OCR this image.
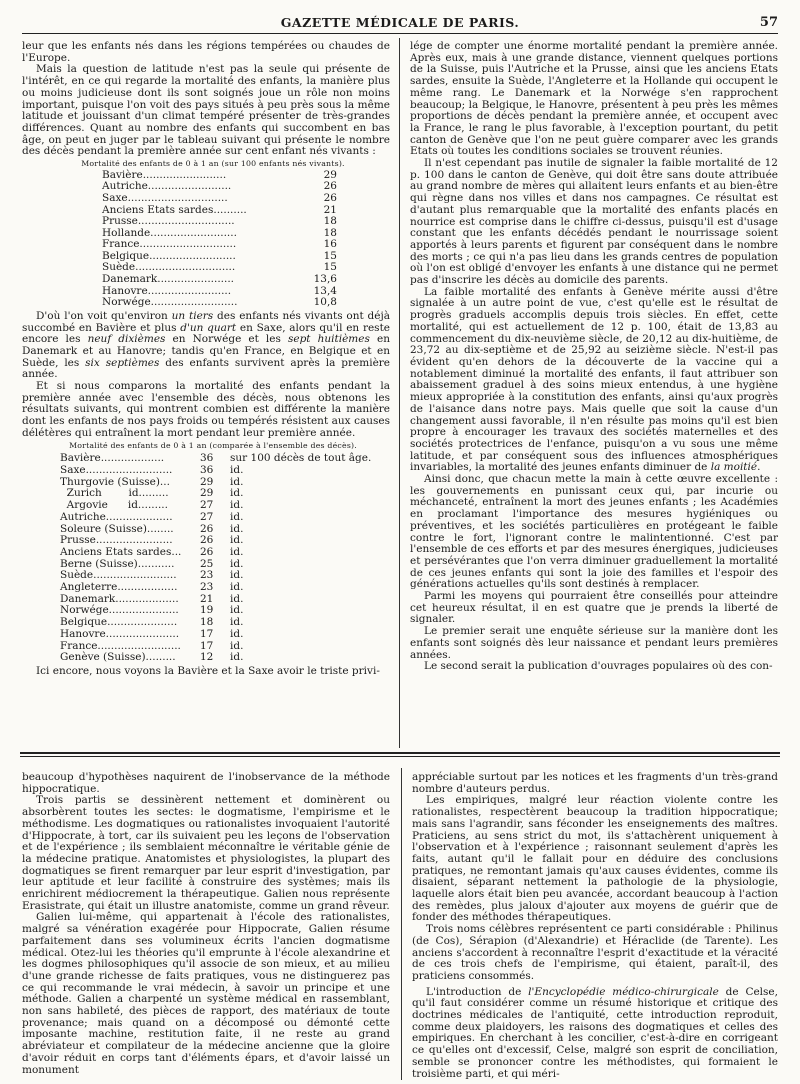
GAZETTE MÉDICALE DE PARIS.	57

leur que les enfants nés dans les régions tempérées ou chaudes de l'Europe.

Mais la question de latitude n'est pas la seule qui présente de l'intérêt, en ce qui regarde la mortalité des enfants, la manière plus ou moins judicieuse dont ils sont soignés joue un rôle non moins important, puisque l'on voit des pays situés à peu près sous la même latitude et jouissant d'un climat tempéré présenter de très-grandes différences. Quant au nombre des enfants qui succombent en bas âge, on peut en juger par le tableau suivant qui présente le nombre des décès pendant la première année sur cent enfant nés vivants :

Mortalité des enfants de 0 à 1 an (sur 100 enfants nés vivants).

Bavière.........................	29
Autriche.........................	26
Saxe..............................	26
Anciens Etats sardes..........	21
Prusse.............................	18
Hollande..........................	18
France.............................	16
Belgique..........................	15
Suède..............................	15
Danemark.......................	13,6
Hanovre.........................	13,4
Norwége..........................	10,8

D'où l'on voit qu'environ un tiers des enfants nés vivants ont déjà succombé en Bavière et plus d'un quart en Saxe, alors qu'il en reste encore les neuf dixièmes en Norwége et les sept huitièmes en Danemark et au Hanovre; tandis qu'en France, en Belgique et en Suède, les six septièmes des enfants survivent après la première année.

Et si nous comparons la mortalité des enfants pendant la première année avec l'ensemble des décès, nous obtenons les résultats suivants, qui montrent combien est différente la manière dont les enfants de nos pays froids ou tempérés résistent aux causes délétères qui entraînent la mort pendant leur première année.

Mortalité des enfants de 0 à 1 an (comparée à l'ensemble des décès).

Bavière...................	36	sur 100 décès de tout âge.
Saxe..........................	36	id.
Thurgovie (Suisse)...	29	id.
Zurich        id.........	29	id.
Argovie      id.........	27	id.
Autriche....................	27	id.
Soleure (Suisse)........	26	id.
Prusse.......................	26	id.
Anciens Etats sardes...	26	id.
Berne (Suisse)...........	25	id.
Suède.........................	23	id.
Angleterre..................	23	id.
Danemark...................	21	id.
Norwége.....................	19	id.
Belgique.....................	18	id.
Hanovre......................	17	id.
France.........................	17	id.
Genève (Suisse).........	12	id.

Ici encore, nous voyons la Bavière et la Saxe avoir le triste privi-

lége de compter une énorme mortalité pendant la première année. Après eux, mais à une grande distance, viennent quelques portions de la Suisse, puis l'Autriche et la Prusse, ainsi que les anciens Etats sardes, ensuite la Suède, l'Angleterre et la Hollande qui occupent le même rang. Le Danemark et la Norwége s'en rapprochent beaucoup; la Belgique, le Hanovre, présentent à peu près les mêmes proportions de décès pendant la première année, et occupent avec la France, le rang le plus favorable, à l'exception pourtant, du petit canton de Genève que l'on ne peut guère comparer avec les grands Etats où toutes les conditions sociales se trouvent réunies.

Il n'est cependant pas inutile de signaler la faible mortalité de 12 p. 100 dans le canton de Genève, qui doit être sans doute attribuée au grand nombre de mères qui allaitent leurs enfants et au bien-être qui règne dans nos villes et dans nos campagnes. Ce résultat est d'autant plus remarquable que la mortalité des enfants placés en nourrice est comprise dans le chiffre ci-dessus, puisqu'il est d'usage constant que les enfants décédés pendant le nourrissage soient apportés à leurs parents et figurent par conséquent dans le nombre des morts ; ce qui n'a pas lieu dans les grands centres de population où l'on est obligé d'envoyer les enfants à une distance qui ne permet pas d'inscrire les décès au domicile des parents.

La faible mortalité des enfants à Genève mérite aussi d'être signalée à un autre point de vue, c'est qu'elle est le résultat de progrès graduels accomplis depuis trois siècles. En effet, cette mortalité, qui est actuellement de 12 p. 100, était de 13,83 au commencement du dix-neuvième siècle, de 20,12 au dix-huitième, de 23,72 au dix-septième et de 25,92 au seizième siècle. N'est-il pas évident qu'en dehors de la découverte de la vaccine qui a notablement diminué la mortalité des enfants, il faut attribuer son abaissement graduel à des soins mieux entendus, à une hygiène mieux appropriée à la constitution des enfants, ainsi qu'aux progrès de l'aisance dans notre pays. Mais quelle que soit la cause d'un changement aussi favorable, il n'en résulte pas moins qu'il est bien propre à encourager les travaux des sociétés maternelles et des sociétés protectrices de l'enfance, puisqu'on a vu sous une même latitude, et par conséquent sous des influences atmosphériques invariables, la mortalité des jeunes enfants diminuer de la moitié.

Ainsi donc, que chacun mette la main à cette œuvre excellente : les gouvernements en punissant ceux qui, par incurie ou méchanceté, entraînent la mort des jeunes enfants ; les Académies en proclamant l'importance des mesures hygiéniques ou préventives, et les sociétés particulières en protégeant le faible contre le fort, l'ignorant contre le malintentionné. C'est par l'ensemble de ces efforts et par des mesures énergiques, judicieuses et persévérantes que l'on verra diminuer graduellement la mortalité de ces jeunes enfants qui sont la joie des familles et l'espoir des générations actuelles qu'ils sont destinés à remplacer.

Parmi les moyens qui pourraient être conseillés pour atteindre cet heureux résultat, il en est quatre que je prends la liberté de signaler.

Le premier serait une enquête sérieuse sur la manière dont les enfants sont soignés dès leur naissance et pendant leurs premières années.

Le second serait la publication d'ouvrages populaires où des con-

beaucoup d'hypothèses naquirent de l'inobservance de la méthode hippocratique.

Trois partis se dessinèrent nettement et dominèrent ou absorbèrent toutes les sectes: le dogmatisme, l'empirisme et le méthodisme. Les dogmatiques ou rationalistes invoquaient l'autorité d'Hippocrate, à tort, car ils suivaient peu les leçons de l'observation et de l'expérience ; ils semblaient méconnaître le véritable génie de la médecine pratique. Anatomistes et physiologistes, la plupart des dogmatiques se firent remarquer par leur esprit d'investigation, par leur aptitude et leur facilité à construire des systèmes; mais ils enrichirent médiocrement la thérapeutique. Galien nous représente Erasistrate, qui était un illustre anatomiste, comme un grand rêveur.

Galien lui-même, qui appartenait à l'école des rationalistes, malgré sa vénération exagérée pour Hippocrate, Galien résume parfaitement dans ses volumineux écrits l'ancien dogmatisme médical. Otez-lui les théories qu'il emprunte à l'école alexandrine et les dogmes philosophiques qu'il associe de son mieux, et au milieu d'une grande richesse de faits pratiques, vous ne distinguerez pas ce qui recommande le vrai médecin, à savoir un principe et une méthode. Galien a charpenté un système médical en rassemblant, non sans habileté, des pièces de rapport, des matériaux de toute provenance; mais quand on a décomposé ou démonté cette imposante machine, restitution faite, il ne reste au grand abréviateur et compilateur de la médecine ancienne que la gloire d'avoir réduit en corps tant d'éléments épars, et d'avoir laissé un monument

appréciable surtout par les notices et les fragments d'un très-grand nombre d'auteurs perdus.

Les empiriques, malgré leur réaction violente contre les rationalistes, respectèrent beaucoup la tradition hippocratique; mais sans l'agrandir, sans féconder les enseignements des maîtres. Praticiens, au sens strict du mot, ils s'attachèrent uniquement à l'observation et à l'expérience ; raisonnant seulement d'après les faits, autant qu'il le fallait pour en déduire des conclusions pratiques, ne remontant jamais qu'aux causes évidentes, comme ils disaient, séparant nettement la pathologie de la physiologie, laquelle alors était bien peu avancée, accordant beaucoup à l'action des remèdes, plus jaloux d'ajouter aux moyens de guérir que de fonder des méthodes thérapeutiques.

Trois noms célèbres représentent ce parti considérable : Philinus (de Cos), Sérapion (d'Alexandrie) et Héraclide (de Tarente). Les anciens s'accordent à reconnaître l'esprit d'exactitude et la véracité de ces trois chefs de l'empirisme, qui étaient, paraît-il, des praticiens consommés.

L'introduction de l'Encyclopédie médico-chirurgicale de Celse, qu'il faut considérer comme un résumé historique et critique des doctrines médicales de l'antiquité, cette introduction reproduit, comme deux plaidoyers, les raisons des dogmatiques et celles des empiriques. En cherchant à les concilier, c'est-à-dire en corrigeant ce qu'elles ont d'excessif, Celse, malgré son esprit de conciliation, semble se prononcer contre les méthodistes, qui formaient le troisième parti, et qui méri-
